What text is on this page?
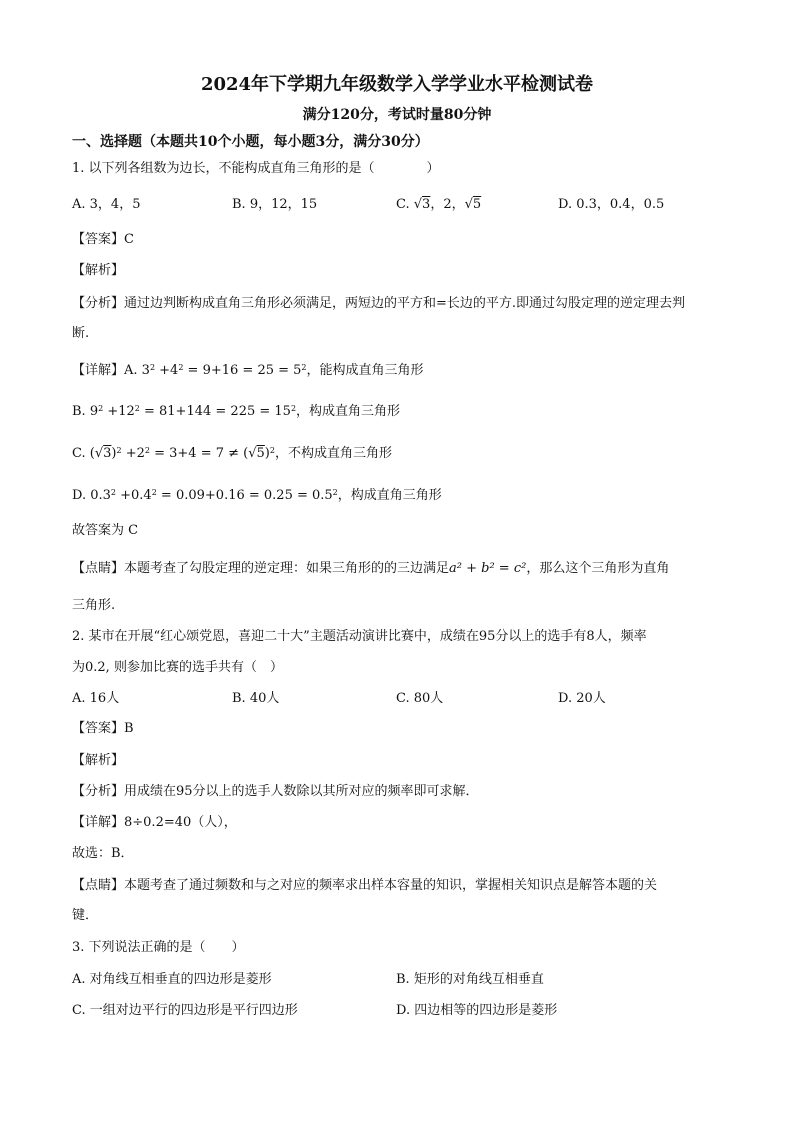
2024年下学期九年级数学入学学业水平检测试卷
满分120分，考试时量80分钟
一、选择题（本题共10个小题，每小题3分，满分30分）
1. 以下列各组数为边长，不能构成直角三角形的是（　　　　）
A. 3，4，5	B. 9，12，15	C. √3，2，√5	D. 0.3，0.4，0.5
【答案】C
【解析】
【分析】通过边判断构成直角三角形必须满足，两短边的平方和=长边的平方.即通过勾股定理的逆定理去判
断.
【详解】A. $3^2 +4^2 = 9+16 = 25 = 5^2$，能构成直角三角形
B. $9^2 +12^2 = 81+144 = 225 = 15^2$，构成直角三角形
C. $(√3)^2 +2^2 = 3+4 = 7 \ne (√5)^2$，不构成直角三角形
D. $0.3^2 +0.4^2 = 0.09+0.16 = 0.25 = 0.5^2$，构成直角三角形
故答案为 C
【点睛】本题考查了勾股定理的逆定理：如果三角形的的三边满足a² + b² = c²，那么这个三角形为直角
三角形.
2. 某市在开展“红心颂党恩，喜迎二十大”主题活动演讲比赛中，成绩在95分以上的选手有8人，频率
为0.2, 则参加比赛的选手共有（　）
A. 16人	B. 40人	C. 80人	D. 20人
【答案】B
【解析】
【分析】用成绩在95分以上的选手人数除以其所对应的频率即可求解．
【详解】8÷0.2=40（人），
故选：B．
【点睛】本题考查了通过频数和与之对应的频率求出样本容量的知识，掌握相关知识点是解答本题的关
键．
3. 下列说法正确的是（　　）
A. 对角线互相垂直的四边形是菱形	B. 矩形的对角线互相垂直
C. 一组对边平行的四边形是平行四边形	D. 四边相等的四边形是菱形
